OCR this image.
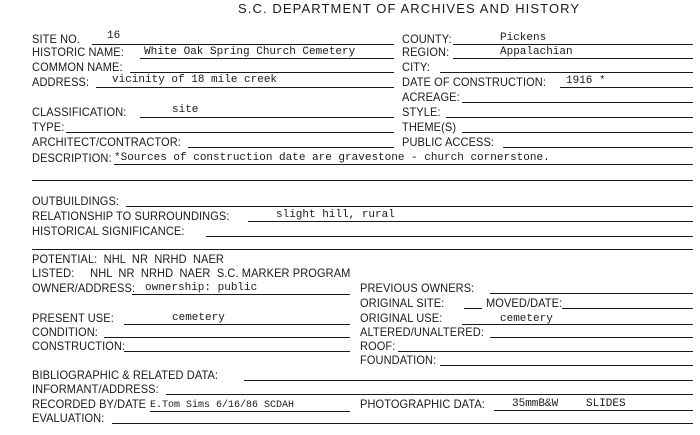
S.C. DEPARTMENT OF ARCHIVES AND HISTORY
SITE NO. 16	COUNTY:	Pickens
HISTORIC NAME: White Oak Spring Church Cemetery	REGION:	Appalachian
COMMON NAME:	CITY:
ADDRESS: vicinity of 18 mile creek	DATE OF CONSTRUCTION: 1916 *
ACREAGE:
CLASSIFICATION:	site	STYLE:
TYPE:	THEME(S)
ARCHITECT/CONTRACTOR:	PUBLIC ACCESS:
DESCRIPTION: *Sources of construction date are gravestone - church cornerstone.
OUTBUILDINGS:
RELATIONSHIP TO SURROUNDINGS:	slight hill, rural
HISTORICAL SIGNIFICANCE:
POTENTIAL:  NHL  NR  NRHD  NAER
LISTED:     NHL  NR  NRHD  NAER  S.C. MARKER PROGRAM
OWNER/ADDRESS: ownership: public	PREVIOUS OWNERS:
ORIGINAL SITE:	MOVED/DATE:
PRESENT USE:	cemetery	ORIGINAL USE:	cemetery
CONDITION:	ALTERED/UNALTERED:
CONSTRUCTION:	ROOF:
FOUNDATION:
BIBLIOGRAPHIC & RELATED DATA:
INFORMANT/ADDRESS:
RECORDED BY/DATE E.Tom Sims 6/16/86 SCDAH	PHOTOGRAPHIC DATA: 35mmB&W	SLIDES
EVALUATION:
